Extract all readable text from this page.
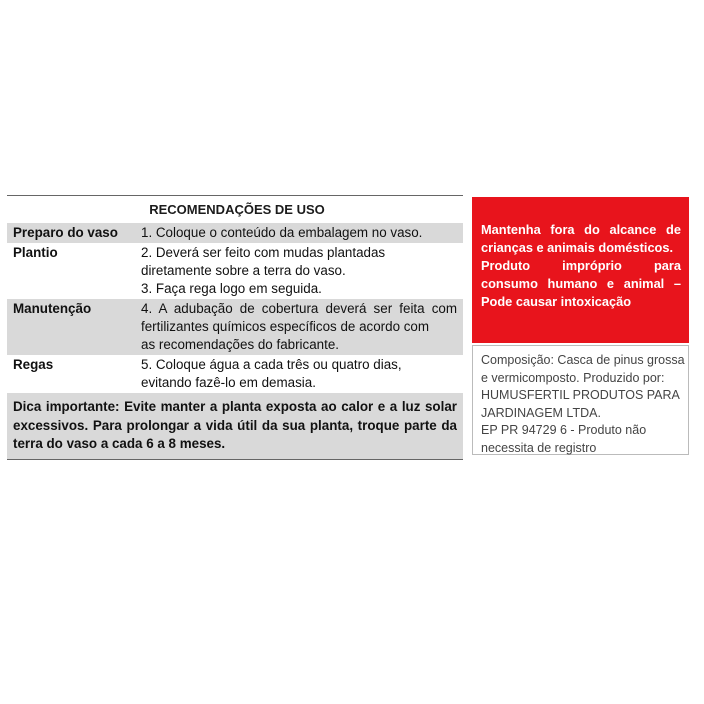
RECOMENDAÇÕES DE USO
Preparo do vaso	1. Coloque o conteúdo da embalagem no vaso.
Plantio	2. Deverá ser feito com mudas plantadas
diretamente sobre a terra do vaso.
3. Faça rega logo em seguida.
Manutenção	4. A adubação de cobertura deverá ser feita com
fertilizantes químicos específicos de acordo com
as recomendações do fabricante.
Regas	5. Coloque água a cada três ou quatro dias,
evitando fazê-lo em demasia.
Dica importante: Evite manter a planta exposta ao calor e a luz solar
excessivos. Para prolongar a vida útil da sua planta, troque parte da
terra do vaso a cada 6 a 8 meses.
Mantenha fora do alcance de
crianças e animais domésticos.
Produto impróprio para
consumo humano e animal –
Pode causar intoxicação
Composição: Casca de pinus grossa
e vermicomposto. Produzido por:
HUMUSFERTIL PRODUTOS PARA
JARDINAGEM LTDA.
EP PR 94729 6 - Produto não
necessita de registro
